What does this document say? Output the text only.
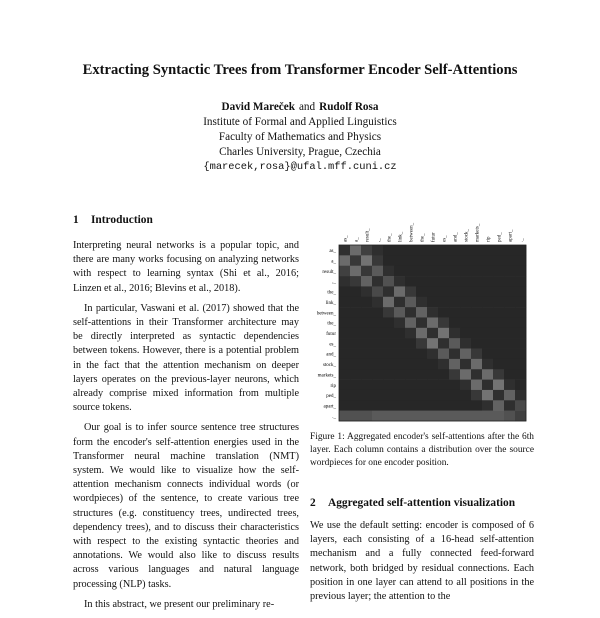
Extracting Syntactic Trees from Transformer Encoder Self-Attentions
David Mareček and Rudolf Rosa
Institute of Formal and Applied Linguistics
Faculty of Mathematics and Physics
Charles University, Prague, Czechia
{marecek,rosa}@ufal.mff.cuni.cz
1 Introduction

Interpreting neural networks is a popular topic, and there are many works focusing on analyzing networks with respect to learning syntax (Shi et al., 2016; Linzen et al., 2016; Blevins et al., 2018).

In particular, Vaswani et al. (2017) showed that the self-attentions in their Transformer architecture may be directly interpreted as syntactic dependencies between tokens. However, there is a potential problem in the fact that the attention mechanism on deeper layers operates on the previous-layer neurons, which already comprise mixed information from multiple source tokens.

Our goal is to infer source sentence tree structures form the encoder's self-attention energies used in the Transformer neural machine translation (NMT) system. We would like to visualize how the self-attention mechanism connects individual words (or wordpieces) of the sentence, to create various tree structures (e.g. constituency trees, undirected trees, dependency trees), and to discuss their characteristics with respect to the existing syntactic theories and annotations. We would also like to discuss results across various languages and natural language processing (NLP) tasks.

In this abstract, we present our preliminary re-

as_ a_ result_ ,_ the_ link_ between_ the_ futur es_ and_ stock_ markets_ rip ped_ apart_ ._
as_
a_
result_
,_
the_
link_
between_
the_
futur
es_
and_
stock_
markets_
rip
ped_
apart_
._
Figure 1: Aggregated encoder's self-attentions after the 6th layer. Each column contains a distribution over the source wordpieces for one encoder position.
2 Aggregated self-attention visualization

We use the default setting: encoder is composed of 6 layers, each consisting of a 16-head self-attention mechanism and a fully connected feed-forward network, both bridged by residual connections. Each position in one layer can attend to all positions in the previous layer; the attention to the
